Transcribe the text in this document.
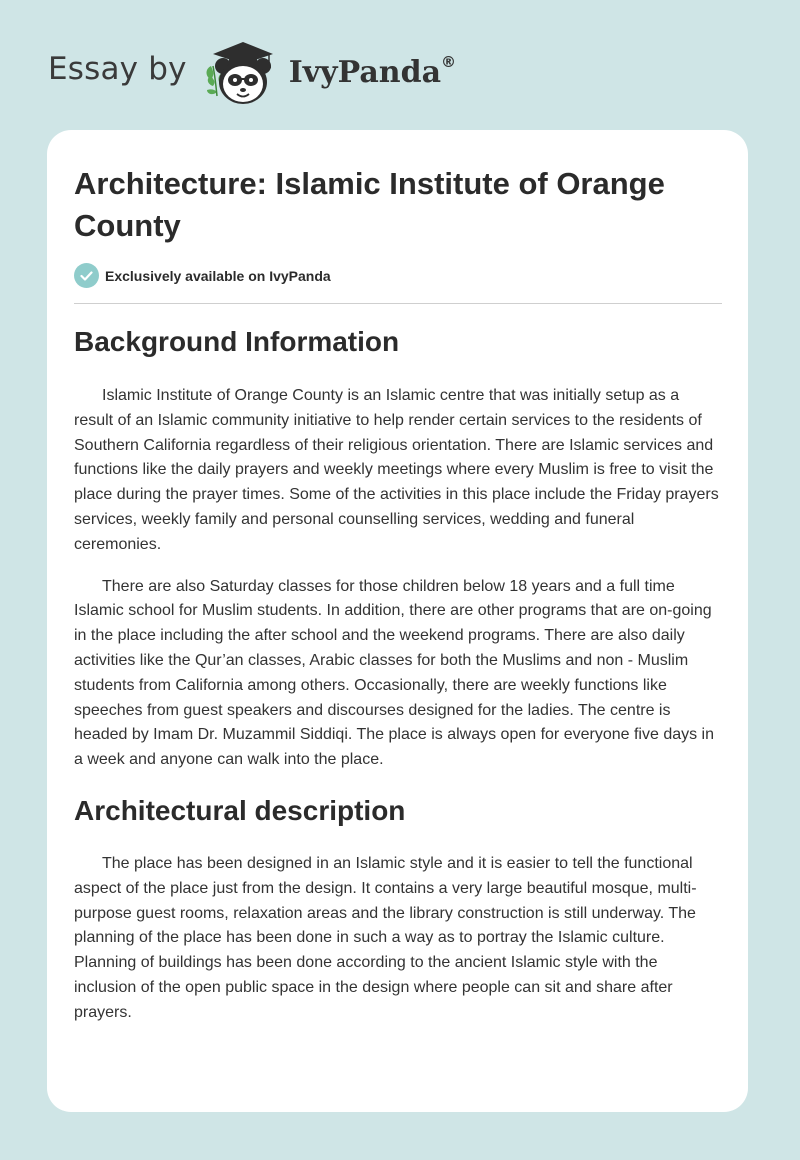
Essay by	IvyPanda®
Architecture: Islamic Institute of Orange County
Exclusively available on IvyPanda
Background Information

Islamic Institute of Orange County is an Islamic centre that was initially setup as a result of an Islamic community initiative to help render certain services to the residents of Southern California regardless of their religious orientation. There are Islamic services and functions like the daily prayers and weekly meetings where every Muslim is free to visit the place during the prayer times. Some of the activities in this place include the Friday prayers services, weekly family and personal counselling services, wedding and funeral ceremonies.

There are also Saturday classes for those children below 18 years and a full time Islamic school for Muslim students. In addition, there are other programs that are on-going in the place including the after school and the weekend programs. There are also daily activities like the Qur’an classes, Arabic classes for both the Muslims and non - Muslim students from California among others. Occasionally, there are weekly functions like speeches from guest speakers and discourses designed for the ladies. The centre is headed by Imam Dr. Muzammil Siddiqi. The place is always open for everyone five days in a week and anyone can walk into the place.

Architectural description

The place has been designed in an Islamic style and it is easier to tell the functional aspect of the place just from the design. It contains a very large beautiful mosque, multi-purpose guest rooms, relaxation areas and the library construction is still underway. The planning of the place has been done in such a way as to portray the Islamic culture. Planning of buildings has been done according to the ancient Islamic style with the inclusion of the open public space in the design where people can sit and share after prayers.
